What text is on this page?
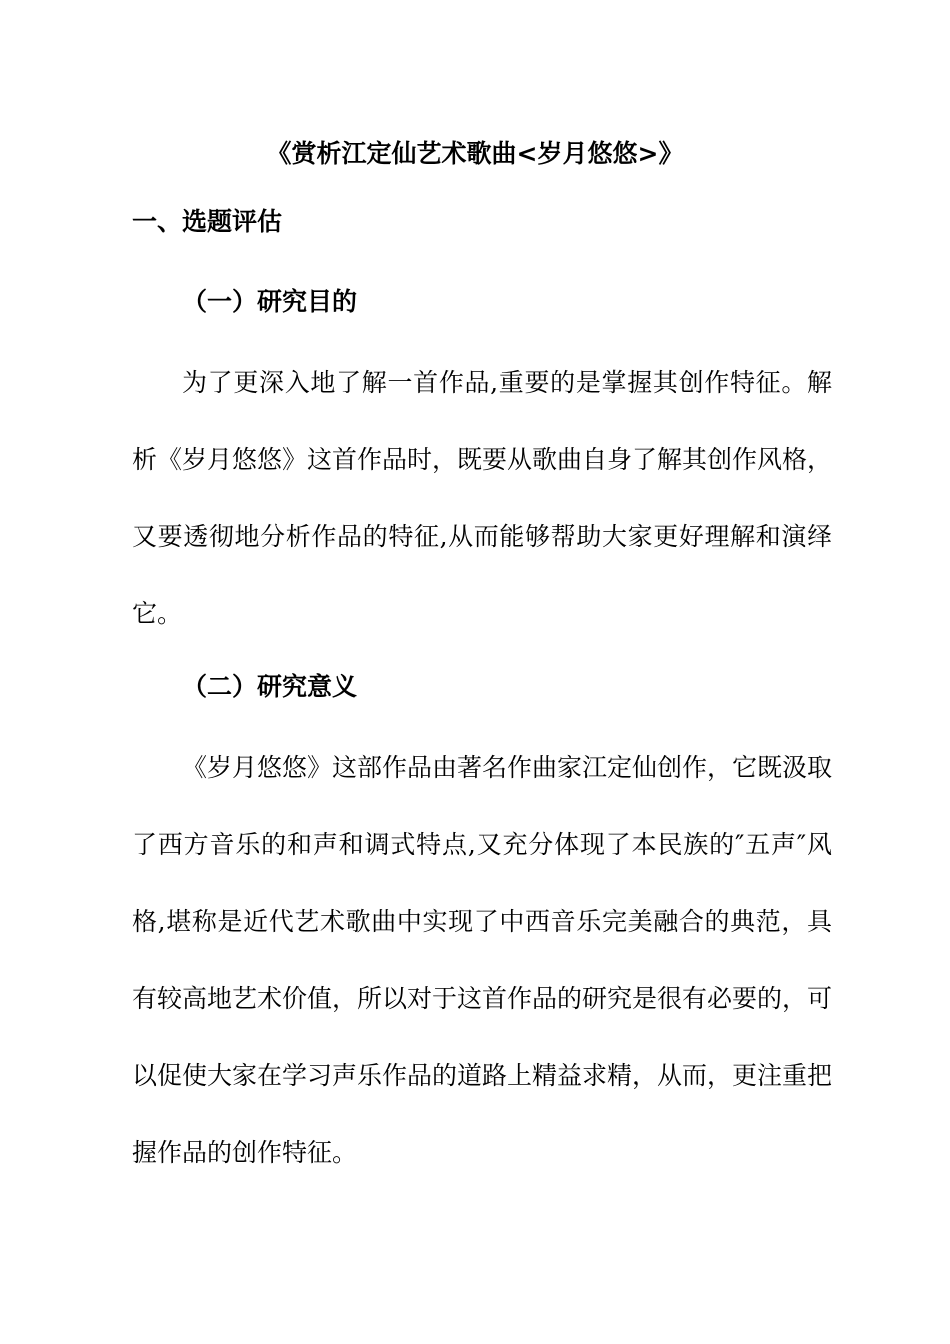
《赏析江定仙艺术歌曲<岁月悠悠>》
一、选题评估
（一）研究目的

为了更深入地了解一首作品,重要的是掌握其创作特征。解析《岁月悠悠》这首作品时，既要从歌曲自身了解其创作风格，又要透彻地分析作品的特征,从而能够帮助大家更好理解和演绎它。

（二）研究意义

《岁月悠悠》这部作品由著名作曲家江定仙创作，它既汲取了西方音乐的和声和调式特点,又充分体现了本民族的″五声″风格,堪称是近代艺术歌曲中实现了中西音乐完美融合的典范，具有较高地艺术价值，所以对于这首作品的研究是很有必要的，可以促使大家在学习声乐作品的道路上精益求精，从而，更注重把握作品的创作特征。
